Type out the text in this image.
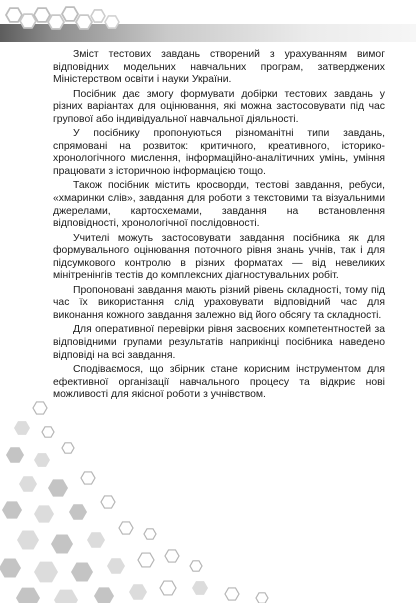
Зміст тестових завдань створений з урахуванням вимог відповідних модельних навчальних програм, затверджених Міністерством освіти і науки України.

Посібник дає змогу формувати добірки тестових завдань у різних варіантах для оцінювання, які можна застосовувати під час групової або індивідуальної навчальної діяльності.

У посібнику пропонуються різноманітні типи завдань, спрямовані на розвиток: критичного, креативного, історико-хронологічного мислення, інформаційно-аналітичних умінь, уміння працювати з історичною інформацією тощо.

Також посібник містить кросворди, тестові завдання, ребуси, «хмаринки слів», завдання для роботи з текстовими та візуальними джерелами, картосхемами, завдання на встановлення відповідності, хронологічної послідовності.

Учителі можуть застосовувати завдання посібника як для формувального оцінювання поточного рівня знань учнів, так і для підсумкового контролю в різних форматах — від невеликих мінітренінгів тестів до комплексних діагностувальних робіт.

Пропоновані завдання мають різний рівень складності, тому під час їх використання слід ураховувати відповідний час для виконання кожного завдання залежно від його обсягу та складності.

Для оперативної перевірки рівня засвоєних компетентностей за відповідними групами результатів наприкінці посібника наведено відповіді на всі завдання.

Сподіваємося, що збірник стане корисним інструментом для ефективної організації навчального процесу та відкриє нові можливості для якісної роботи з учнівством.
